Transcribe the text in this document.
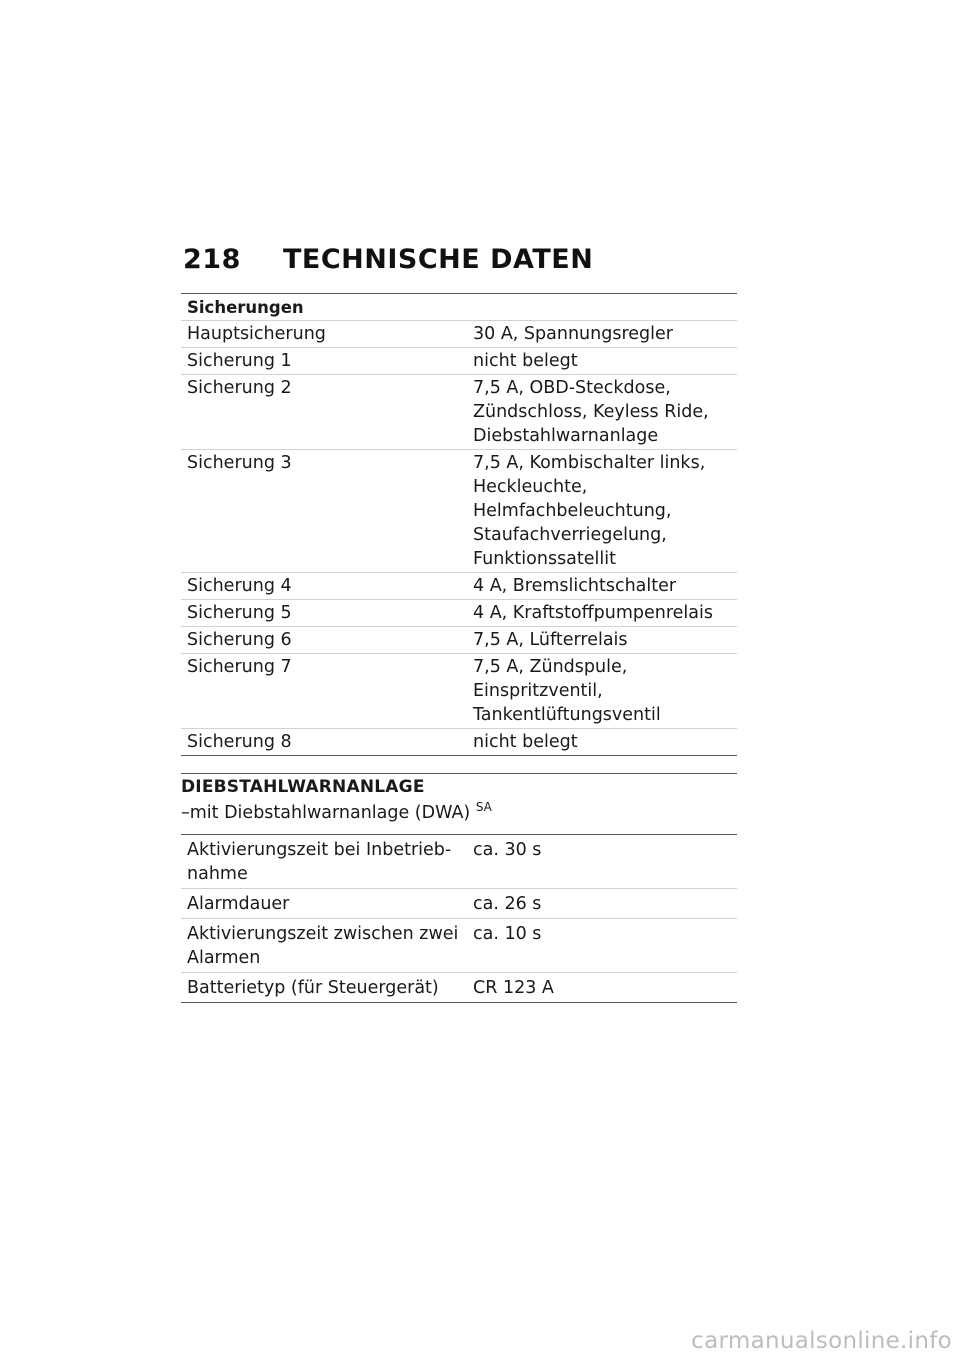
218 TECHNISCHE DATEN
Sicherungen	
Hauptsicherung	30 A, Spannungsregler
Sicherung 1	nicht belegt
Sicherung 2	7,5 A, OBD-Steckdose, Zündschloss, Keyless Ride, Diebstahlwarnanlage
Sicherung 3	7,5 A, Kombischalter links, Heckleuchte, Helmfachbeleuchtung, Staufachverriegelung, Funktionssatellit
Sicherung 4	4 A, Bremslichtschalter
Sicherung 5	4 A, Kraftstoffpumpenrelais
Sicherung 6	7,5 A, Lüfterrelais
Sicherung 7	7,5 A, Zündspule, Einspritzventil, Tankentlüftungsventil
Sicherung 8	nicht belegt
DIEBSTAHLWARNANLAGE
–mit Diebstahlwarnanlage (DWA) $^{SA}$
Aktivierungszeit bei Inbetriebnahme	ca. 30 s
Alarmdauer	ca. 26 s
Aktivierungszeit zwischen zwei Alarmen	ca. 10 s
Batterietyp (für Steuergerät)	CR 123 A
carmanualsonline.info
